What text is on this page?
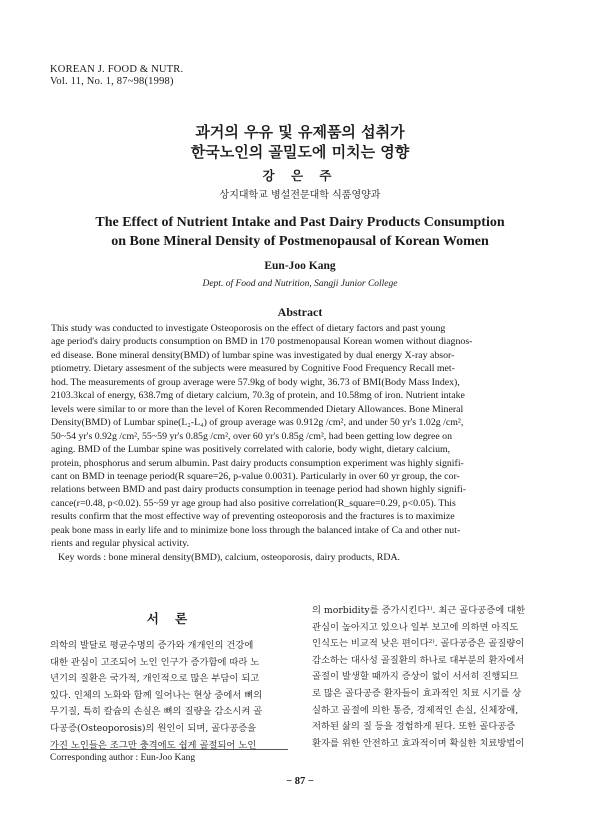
KOREAN J. FOOD & NUTR.
Vol. 11, No. 1, 87~98(1998)
과거의 우유 및 유제품의 섭취가
한국노인의 골밀도에 미치는 영향
강 은 주
상지대학교 병설전문대학 식품영양과
The Effect of Nutrient Intake and Past Dairy Products Consumption
on Bone Mineral Density of Postmenopausal of Korean Women
Eun-Joo Kang
Dept. of Food and Nutrition, Sangji Junior College
Abstract
This study was conducted to investigate Osteoporosis on the effect of dietary factors and past young
age period's dairy products consumption on BMD in 170 postmenopausal Korean women without diagnos-
ed disease. Bone mineral density(BMD) of lumbar spine was investigated by dual energy X-ray absor-
ptiometry. Dietary assesment of the subjects were measured by Cognitive Food Frequency Recall met-
hod. The measurements of group average were 57.9kg of body wight, 36.73 of BMI(Body Mass Index),
2103.3kcal of energy, 638.7mg of dietary calcium, 70.3g of protein, and 10.58mg of iron. Nutrient intake
levels were similar to or more than the level of Koren Recommended Dietary Allowances. Bone Mineral
Density(BMD) of Lumbar spine(L₂-L₄) of group average was 0.912g /cm², and under 50 yr's 1.02g /cm²,
50~54 yr's 0.92g /cm², 55~59 yr's 0.85g /cm², over 60 yr's 0.85g /cm², had been getting low degree on
aging. BMD of the Lumbar spine was positively correlated with calorie, body wight, dietary calcium,
protein, phosphorus and serum albumin. Past dairy products consumption experiment was highly signifi-
cant on BMD in teenage period(R square=26, p-value 0.0031). Particularly in over 60 yr group, the cor-
relations between BMD and past dairy products consumption in teenage period had shown highly signifi-
cance(r=0.48, p<0.02). 55~59 yr age group had also positive correlation(R_square=0.29, p<0.05). This
results confirm that the most effective way of preventing osteoporosis and the fractures is to maximize
peak bone mass in early life and to minimize bone loss through the balanced intake of Ca and other nut-
rients and regular physical activity.
Key words : bone mineral density(BMD), calcium, osteoporosis, dairy products, RDA.
서 론
의학의 발달로 평균수명의 증가와 개개인의 건강에
대한 관심이 고조되어 노인 인구가 증가함에 따라 노
년기의 질환은 국가적, 개인적으로 많은 부담이 되고
있다. 인체의 노화와 함께 일어나는 현상 중에서 뼈의
무기질, 특히 칼슘의 손실은 뼈의 질량을 감소시켜 골
다공증(Osteoporosis)의 원인이 되며, 골다공증을
가진 노인들은 조그만 충격에도 쉽게 골절되어 노인
의 morbidity를 증가시킨다¹⁾. 최근 골다공증에 대한
관심이 높아지고 있으나 일부 보고에 의하면 아직도
인식도는 비교적 낮은 편이다²⁾. 골다공증은 골질량이
감소하는 대사성 골질환의 하나로 대부분의 환자에서
골절이 발생할 때까지 증상이 없이 서서히 진행되므
로 많은 골다공증 환자들이 효과적인 치료 시기를 상
실하고 골절에 의한 통증, 경제적인 손실, 신체장애,
저하된 삶의 질 등을 경험하게 된다. 또한 골다공증
환자를 위한 안전하고 효과적이며 확실한 치료방법이
Corresponding author : Eun-Joo Kang
− 87 −
